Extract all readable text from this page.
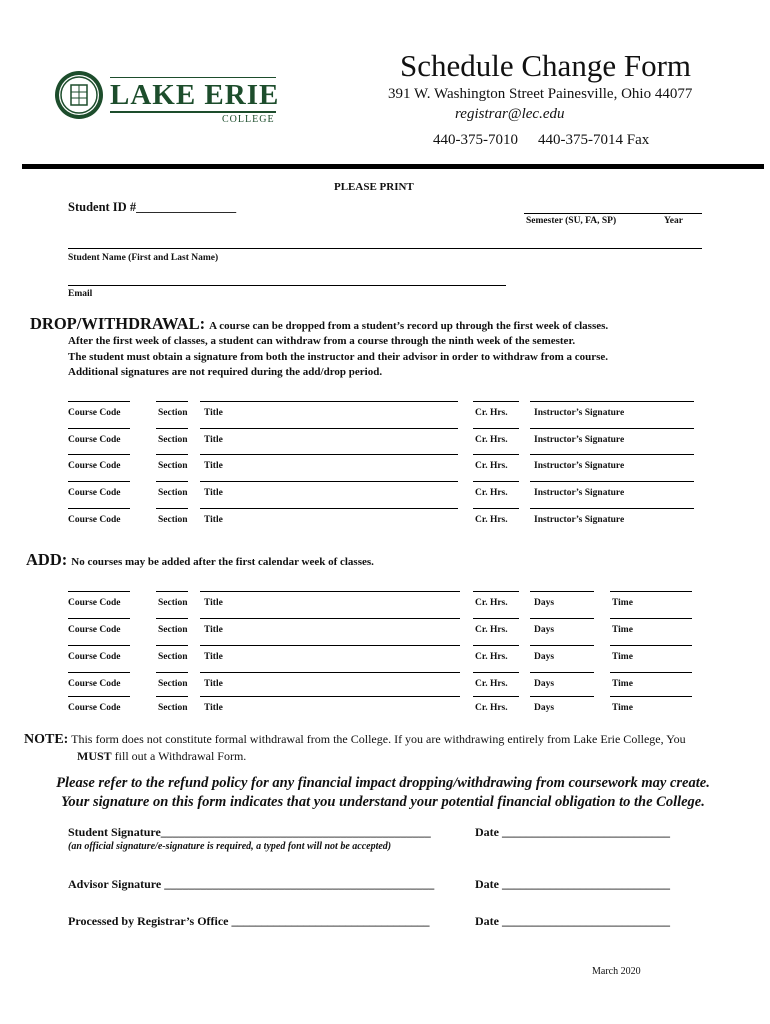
LAKE ERIE
COLLEGE
Schedule Change Form
391 W. Washington Street Painesville, Ohio 44077
registrar@lec.edu
440-375-7010 440-375-7014 Fax
PLEASE PRINT
Student ID #________________
Semester (SU, FA, SP)	Year
Student Name (First and Last Name)
Email
DROP/WITHDRAWAL: A course can be dropped from a student’s record up through the first week of classes.
After the first week of classes, a student can withdraw from a course through the ninth week of the semester.
The student must obtain a signature from both the instructor and their advisor in order to withdraw from a course.
Additional signatures are not required during the add/drop period.
Course Code	Section Title	Cr. Hrs.	Instructor’s Signature
Course Code	Section Title	Cr. Hrs.	Instructor’s Signature
Course Code	Section Title	Cr. Hrs.	Instructor’s Signature
Course Code	Section Title	Cr. Hrs.	Instructor’s Signature
Course Code	Section Title	Cr. Hrs.	Instructor’s Signature
ADD: No courses may be added after the first calendar week of classes.
Course Code	Section Title	Cr. Hrs.	Days	Time
Course Code	Section Title	Cr. Hrs.	Days	Time
Course Code	Section Title	Cr. Hrs.	Days	Time
Course Code	Section Title	Cr. Hrs.	Days	Time
Course Code	Section Title	Cr. Hrs.	Days	Time
NOTE: This form does not constitute formal withdrawal from the College. If you are withdrawing entirely from Lake Erie College, You
MUST fill out a Withdrawal Form.
Please refer to the refund policy for any financial impact dropping/withdrawing from coursework may create.
Your signature on this form indicates that you understand your potential financial obligation to the College.
Student Signature_____________________________________________	Date ____________________________
(an official signature/e-signature is required, a typed font will not be accepted)
Advisor Signature _____________________________________________	Date ____________________________
Processed by Registrar’s Office _________________________________	Date ____________________________
March 2020
